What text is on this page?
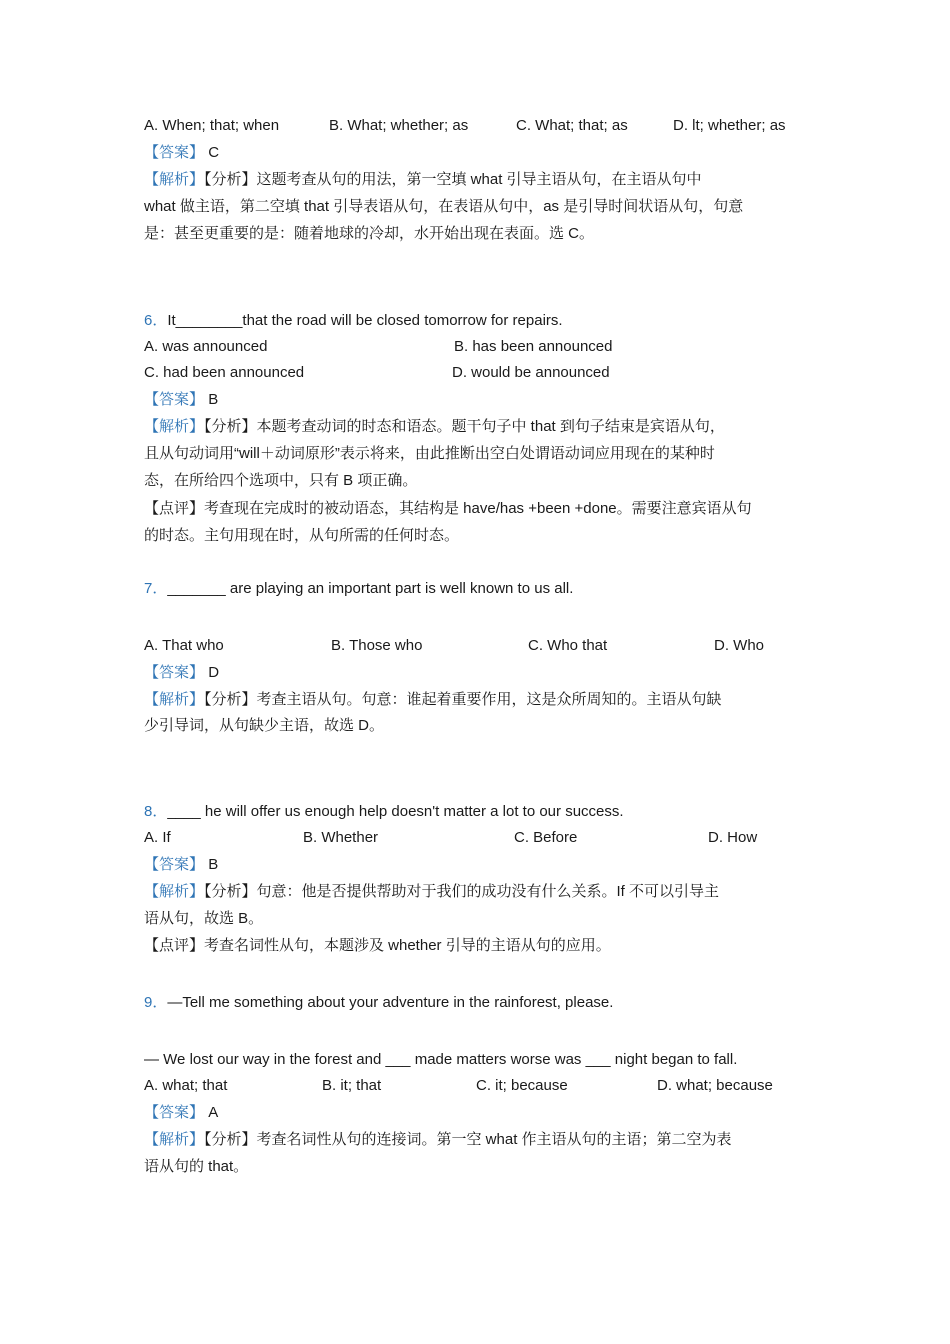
A. When; that; when	B. What; whether; as	C. What; that; as	D. lt; whether; as
【答案】 C
【解析】【分析】这题考查从句的用法，第一空填 what 引导主语从句，在主语从句中
what 做主语，第二空填 that 引导表语从句，在表语从句中，as 是引导时间状语从句，句意
是：甚至更重要的是：随着地球的冷却，水开始出现在表面。选 C。
6．It________that the road will be closed tomorrow for repairs.
A. was announced	B. has been announced
C. had been announced	D. would be announced
【答案】 B
【解析】【分析】本题考查动词的时态和语态。题干句子中 that 到句子结束是宾语从句，
且从句动词用“will＋动词原形”表示将来，由此推断出空白处谓语动词应用现在的某种时
态，在所给四个选项中，只有 B 项正确。
【点评】考查现在完成时的被动语态，其结构是 have/has +been +done。需要注意宾语从句
的时态。主句用现在时，从句所需的任何时态。
7．_______ are playing an important part is well known to us all.
A. That who	B. Those who	C. Who that	D. Who
【答案】 D
【解析】【分析】考查主语从句。句意：谁起着重要作用，这是众所周知的。主语从句缺
少引导词，从句缺少主语，故选 D。
8．____ he will offer us enough help doesn't matter a lot to our success.
A. If	B. Whether	C. Before	D. How
【答案】 B
【解析】【分析】句意：他是否提供帮助对于我们的成功没有什么关系。If 不可以引导主
语从句，故选 B。
【点评】考查名词性从句，本题涉及 whether 引导的主语从句的应用。
9．—Tell me something about your adventure in the rainforest, please.
— We lost our way in the forest and ___ made matters worse was ___ night began to fall.
A. what; that	B. it; that	C. it; because	D. what; because
【答案】 A
【解析】【分析】考查名词性从句的连接词。第一空 what 作主语从句的主语；第二空为表
语从句的 that。
